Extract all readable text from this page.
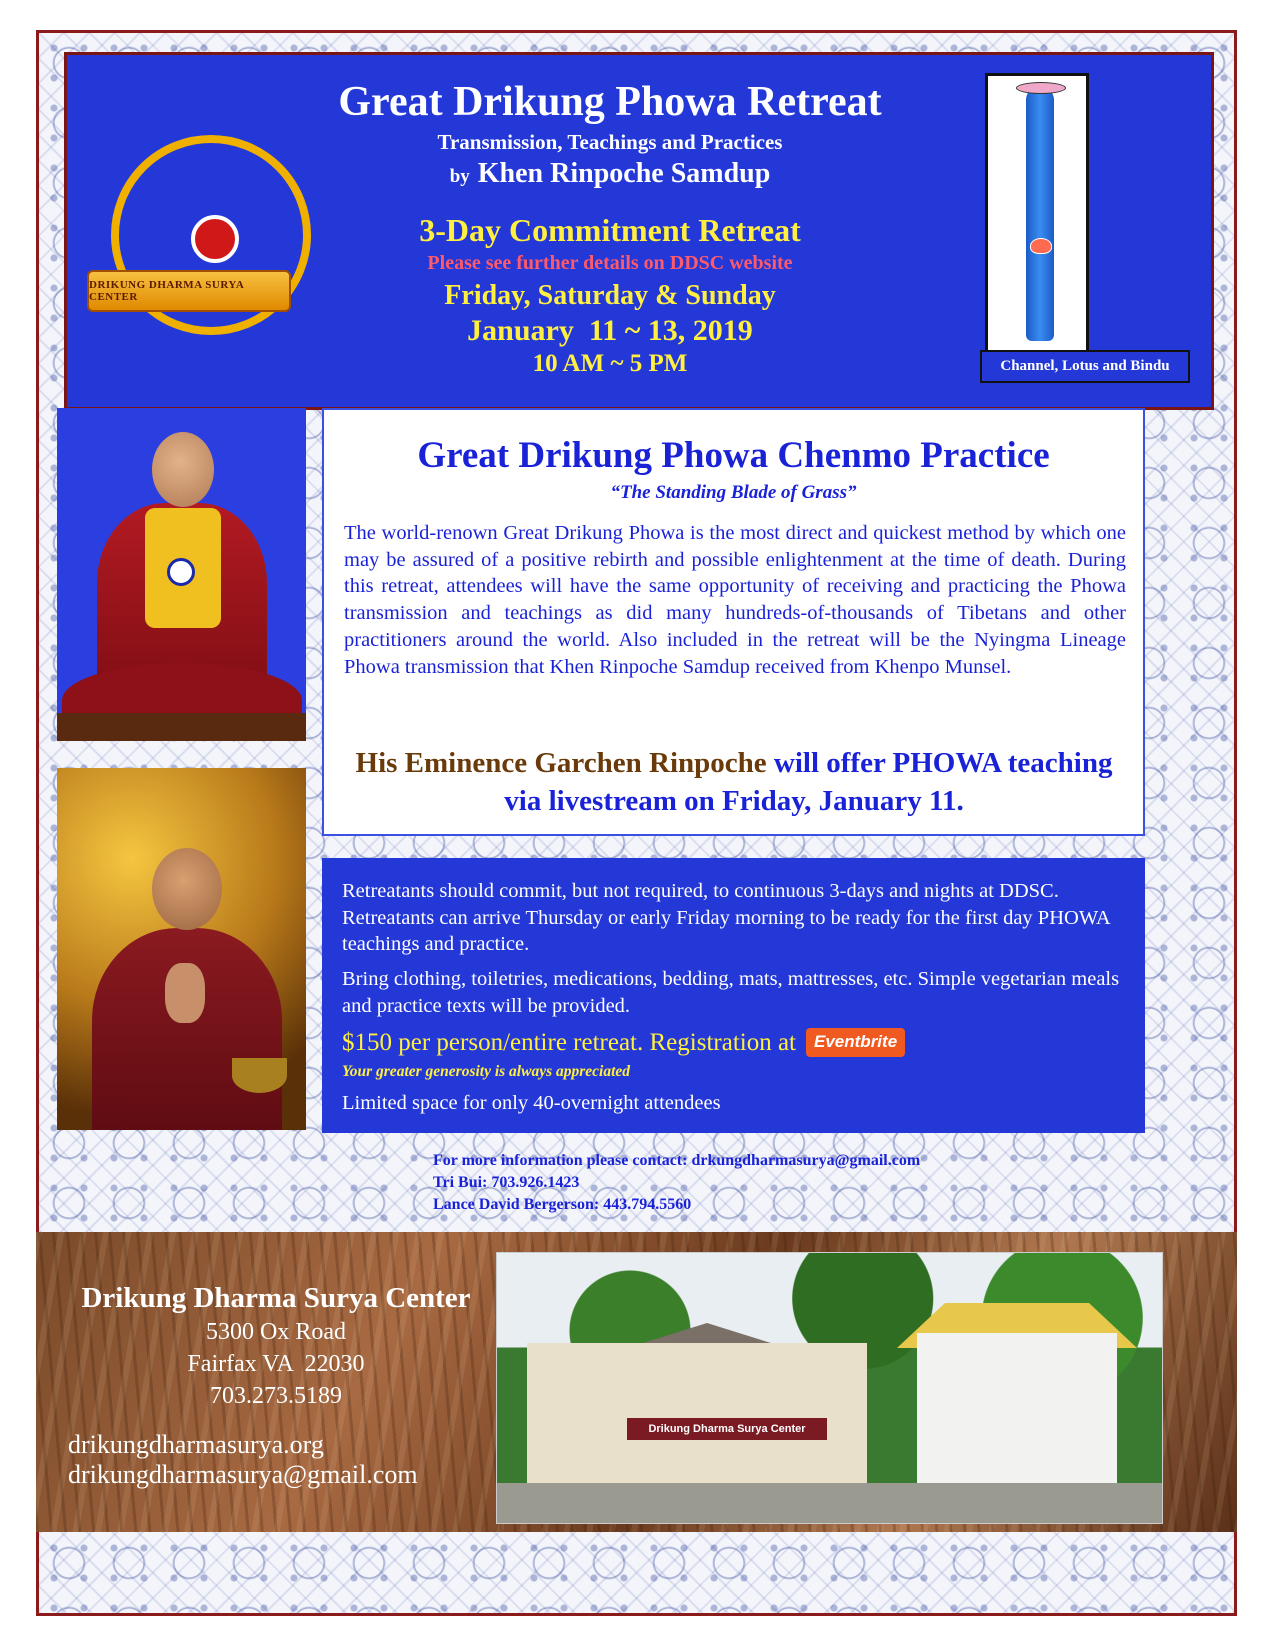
DRIKUNG DHARMA SURYA CENTER
Great Drikung Phowa Retreat
Transmission, Teachings and Practices
by Khen Rinpoche Samdup
3-Day Commitment Retreat
Please see further details on DDSC website
Friday, Saturday & Sunday
January  11 ~ 13, 2019
10 AM ~ 5 PM	Channel, Lotus and Bindu
Great Drikung Phowa Chenmo Practice
“The Standing Blade of Grass”

The world-renown Great Drikung Phowa is the most direct and quickest method by which one may be assured of a positive rebirth and possible enlightenment at the time of death. During this retreat, attendees will have the same opportunity of receiving and practicing the Phowa transmission and teachings as did many hundreds-of-thousands of Tibetans and other practitioners around the world. Also included in the retreat will be the Nyingma Lineage Phowa transmission that Khen Rinpoche Samdup received from Khenpo Munsel.

His Eminence Garchen Rinpoche will offer PHOWA teaching via livestream on Friday, January 11.

Retreatants should commit, but not required, to continuous 3-days and nights at DDSC. Retreatants can arrive Thursday or early Friday morning to be ready for the first day PHOWA teachings and practice.

Bring clothing, toiletries, medications, bedding, mats, mattresses, etc. Simple vegetarian meals and practice texts will be provided.

$150 per person/entire retreat. Registration at Eventbrite

Your greater generosity is always appreciated

Limited space for only 40-overnight attendees

For more information please contact: drkungdharmasurya@gmail.com
Tri Bui: 703.926.1423
Lance David Bergerson: 443.794.5560
Drikung Dharma Surya Center
5300 Ox Road
Fairfax VA  22030
703.273.5189
drikungdharmasurya.org
drikungdharmasurya@gmail.com
Drikung Dharma Surya Center
